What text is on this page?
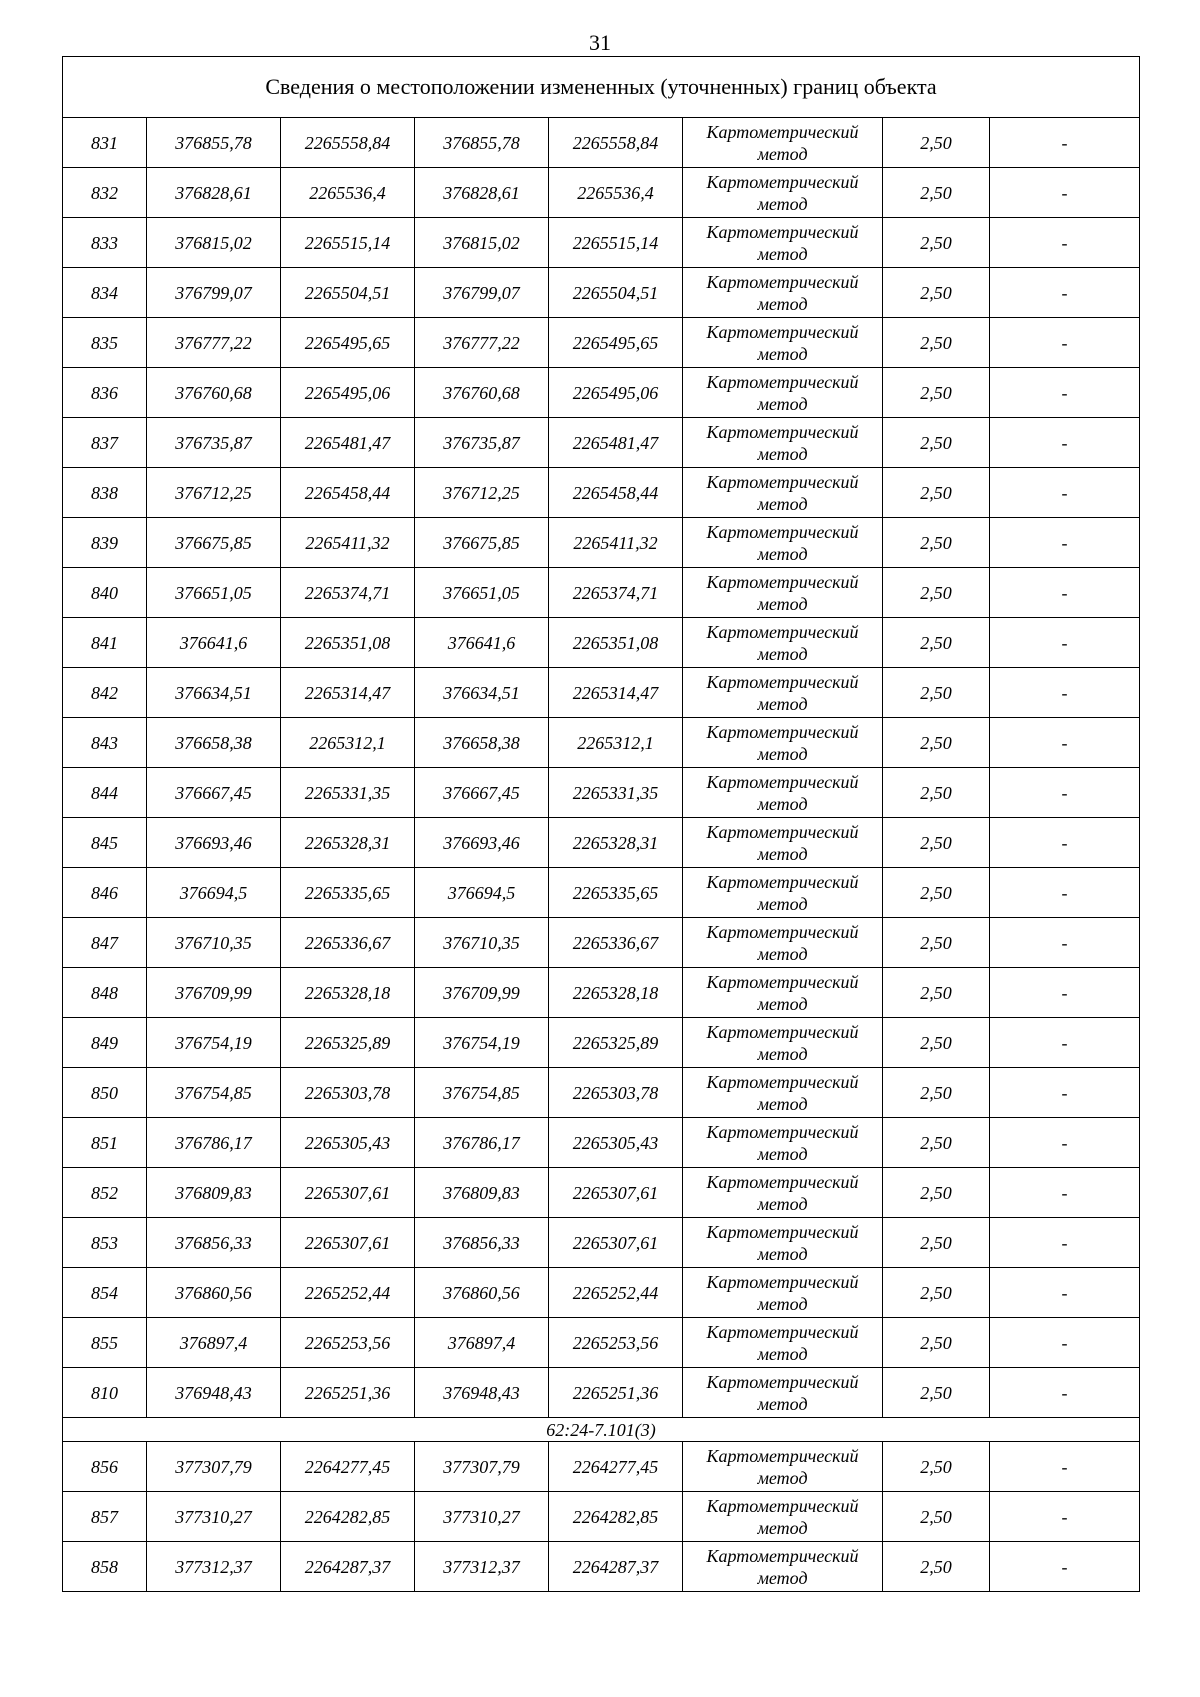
31
Сведения о местоположении измененных (уточненных) границ объекта							
831	376855,78	2265558,84	376855,78	2265558,84	Картометрический
метод	2,50	-
832	376828,61	2265536,4	376828,61	2265536,4	Картометрический
метод	2,50	-
833	376815,02	2265515,14	376815,02	2265515,14	Картометрический
метод	2,50	-
834	376799,07	2265504,51	376799,07	2265504,51	Картометрический
метод	2,50	-
835	376777,22	2265495,65	376777,22	2265495,65	Картометрический
метод	2,50	-
836	376760,68	2265495,06	376760,68	2265495,06	Картометрический
метод	2,50	-
837	376735,87	2265481,47	376735,87	2265481,47	Картометрический
метод	2,50	-
838	376712,25	2265458,44	376712,25	2265458,44	Картометрический
метод	2,50	-
839	376675,85	2265411,32	376675,85	2265411,32	Картометрический
метод	2,50	-
840	376651,05	2265374,71	376651,05	2265374,71	Картометрический
метод	2,50	-
841	376641,6	2265351,08	376641,6	2265351,08	Картометрический
метод	2,50	-
842	376634,51	2265314,47	376634,51	2265314,47	Картометрический
метод	2,50	-
843	376658,38	2265312,1	376658,38	2265312,1	Картометрический
метод	2,50	-
844	376667,45	2265331,35	376667,45	2265331,35	Картометрический
метод	2,50	-
845	376693,46	2265328,31	376693,46	2265328,31	Картометрический
метод	2,50	-
846	376694,5	2265335,65	376694,5	2265335,65	Картометрический
метод	2,50	-
847	376710,35	2265336,67	376710,35	2265336,67	Картометрический
метод	2,50	-
848	376709,99	2265328,18	376709,99	2265328,18	Картометрический
метод	2,50	-
849	376754,19	2265325,89	376754,19	2265325,89	Картометрический
метод	2,50	-
850	376754,85	2265303,78	376754,85	2265303,78	Картометрический
метод	2,50	-
851	376786,17	2265305,43	376786,17	2265305,43	Картометрический
метод	2,50	-
852	376809,83	2265307,61	376809,83	2265307,61	Картометрический
метод	2,50	-
853	376856,33	2265307,61	376856,33	2265307,61	Картометрический
метод	2,50	-
854	376860,56	2265252,44	376860,56	2265252,44	Картометрический
метод	2,50	-
855	376897,4	2265253,56	376897,4	2265253,56	Картометрический
метод	2,50	-
810	376948,43	2265251,36	376948,43	2265251,36	Картометрический
метод	2,50	-
62:24-7.101(3)							
856	377307,79	2264277,45	377307,79	2264277,45	Картометрический
метод	2,50	-
857	377310,27	2264282,85	377310,27	2264282,85	Картометрический
метод	2,50	-
858	377312,37	2264287,37	377312,37	2264287,37	Картометрический
метод	2,50	-
